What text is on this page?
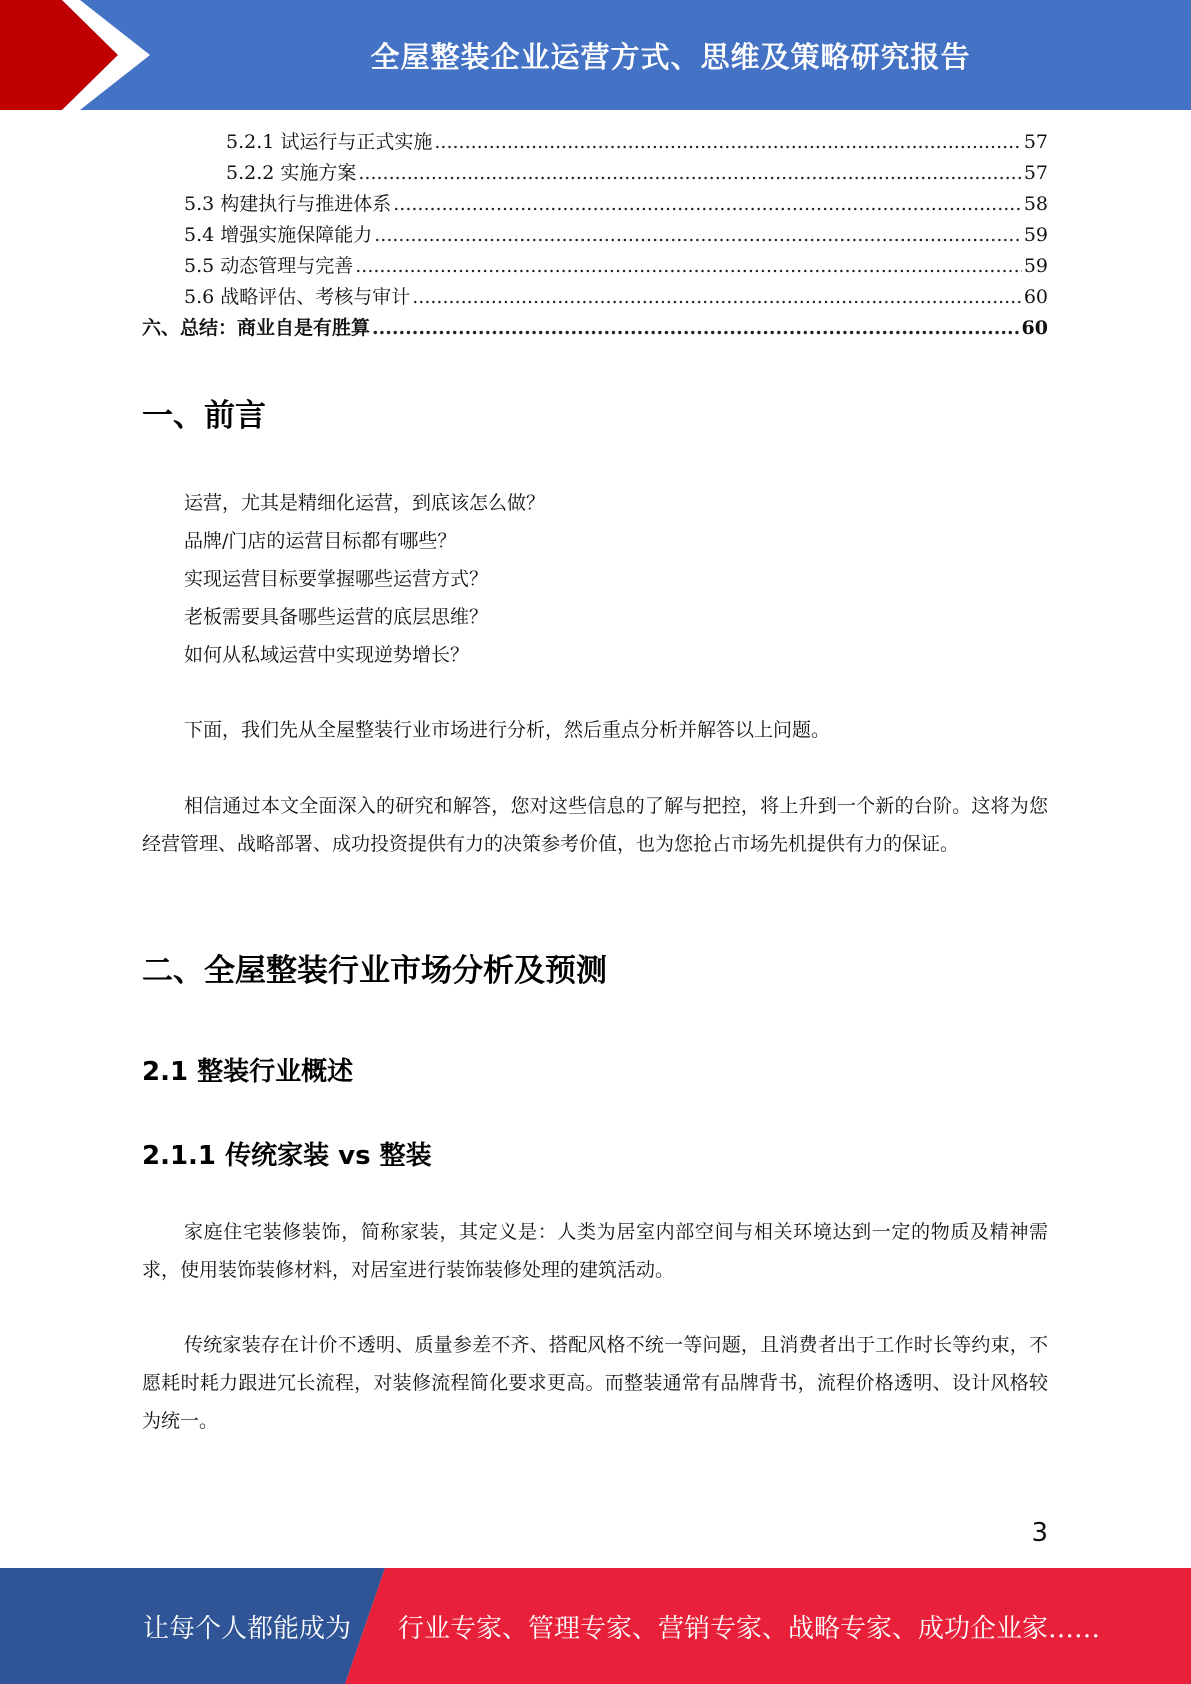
全屋整装企业运营方式、思维及策略研究报告
5.2.1 试运行与正式实施 .....	57
5.2.2 实施方案 .....	57
5.3 构建执行与推进体系 .....	58
5.4 增强实施保障能力 .....	59
5.5 动态管理与完善 .....	59
5.6 战略评估、考核与审计 .....	60
六、总结：商业自是有胜算 .....	60
一、前言
运营，尤其是精细化运营，到底该怎么做？
品牌/门店的运营目标都有哪些？
实现运营目标要掌握哪些运营方式？
老板需要具备哪些运营的底层思维？
如何从私域运营中实现逆势增长？

下面，我们先从全屋整装行业市场进行分析，然后重点分析并解答以上问题。

相信通过本文全面深入的研究和解答，您对这些信息的了解与把控，将上升到一个新的台阶。这将为您经营管理、战略部署、成功投资提供有力的决策参考价值，也为您抢占市场先机提供有力的保证。

二、全屋整装行业市场分析及预测
2.1 整装行业概述
2.1.1 传统家装 vs 整装

家庭住宅装修装饰，简称家装，其定义是：人类为居室内部空间与相关环境达到一定的物质及精神需求，使用装饰装修材料，对居室进行装饰装修处理的建筑活动。

传统家装存在计价不透明、质量参差不齐、搭配风格不统一等问题，且消费者出于工作时长等约束，不愿耗时耗力跟进冗长流程，对装修流程简化要求更高。而整装通常有品牌背书，流程价格透明、设计风格较为统一。

3
让每个人都能成为 行业专家、管理专家、营销专家、战略专家、成功企业家……
